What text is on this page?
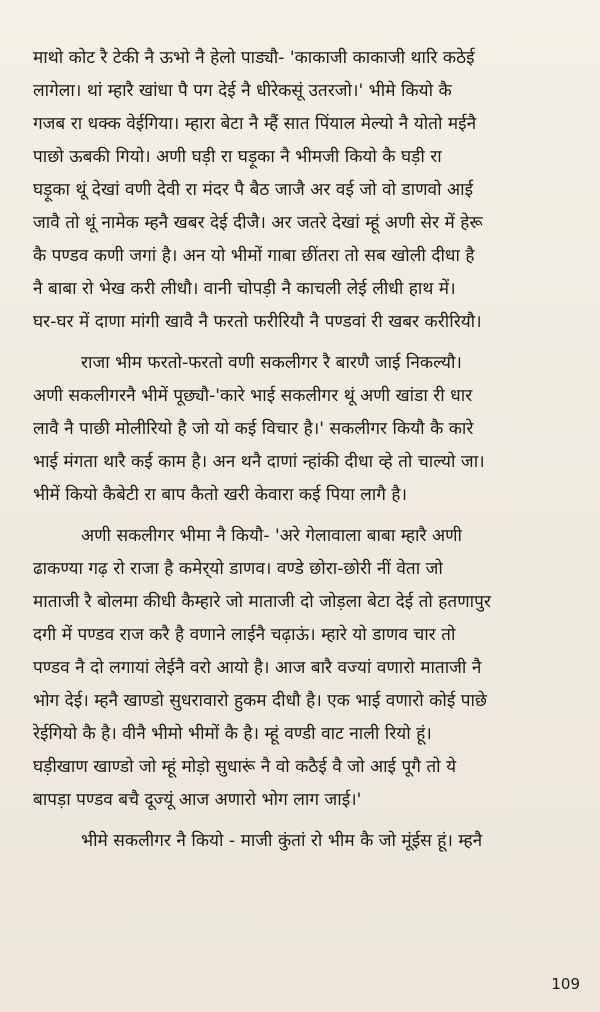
माथो कोट रै टेकी नै ऊभो नै हेलो पाड्यौ- 'काकाजी काकाजी थारि कठेई
लागेला। थां म्हारै खांधा पै पग देई नै धीरेकसूं उतरजो।' भीमे कियो कै
गजब रा धक्क वेईगिया। म्हारा बेटा नै म्हैं सात पिंयाल मेल्यो नै योतो मईनै
पाछो ऊबकी गियो। अणी घड़ी रा घड़ूका नै भीमजी कियो कै घड़ी रा
घड़ूका थूं देखां वणी देवी रा मंदर पै बैठ जाजै अर वई जो वो डाणवो आई
जावै तो थूं नामेक म्हनै खबर देई दीजै। अर जतरे देखां म्हूं अणी सेर में हेरू
कै पण्डव कणी जगां है। अन यो भीमों गाबा छींतरा तो सब खोली दीधा है
नै बाबा रो भेख करी लीधौ। वानी चोपड़ी नै काचली लेई लीधी हाथ में।
घर-घर में दाणा मांगी खावै नै फरतो फरीरियौ नै पण्डवां री खबर करीरियौ।
राजा भीम फरतो-फरतो वणी सकलीगर रै बारणै जाई निकल्यौ।
अणी सकलीगरनै भीमें पूछ्यौ-'कारे भाई सकलीगर थूं अणी खांडा री धार
लावै नै पाछी मोलीरियो है जो यो कई विचार है।' सकलीगर कियौ कै कारे
भाई मंगता थारै कई काम है। अन थनै दाणां न्हांकी दीधा व्हे तो चाल्यो जा।
भीमें कियो कैबेटी रा बाप कैतो खरी केवारा कई पिया लागै है।
अणी सकलीगर भीमा नै कियौ- 'अरे गेलावाला बाबा म्हारै अणी
ढाकण्या गढ़ रो राजा है कमेर्‌यो डाणव। वण्डे छोरा-छोरी नीं वेता जो
माताजी रै बोलमा कीधी कैम्हारे जो माताजी दो जोड़ला बेटा देई तो हतणापुर
दगी में पण्डव राज करै है वणाने लाईनै चढ़ाऊं। म्हारे यो डाणव चार तो
पण्डव नै दो लगायां लेईनै वरो आयो है। आज बारै वज्यां वणारो माताजी नै
भोग देई। म्हनै खाण्डो सुधरावारो हुकम दीधौ है। एक भाई वणारो कोई पाछे
रेईगियो कै है। वीनै भीमो भीमों कै है। म्हूं वण्डी वाट नाली रियो हूं।
घड़ीखाण खाण्डो जो म्हूं मोड़ो सुधारूं नै वो कठैई वै जो आई पूगै तो ये
बापड़ा पण्डव बचै दूज्यूं आज अणारो भोग लाग जाई।'
भीमे सकलीगर नै कियो - माजी कुंतां रो भीम कै जो मूंईस हूं। म्हनै
109
